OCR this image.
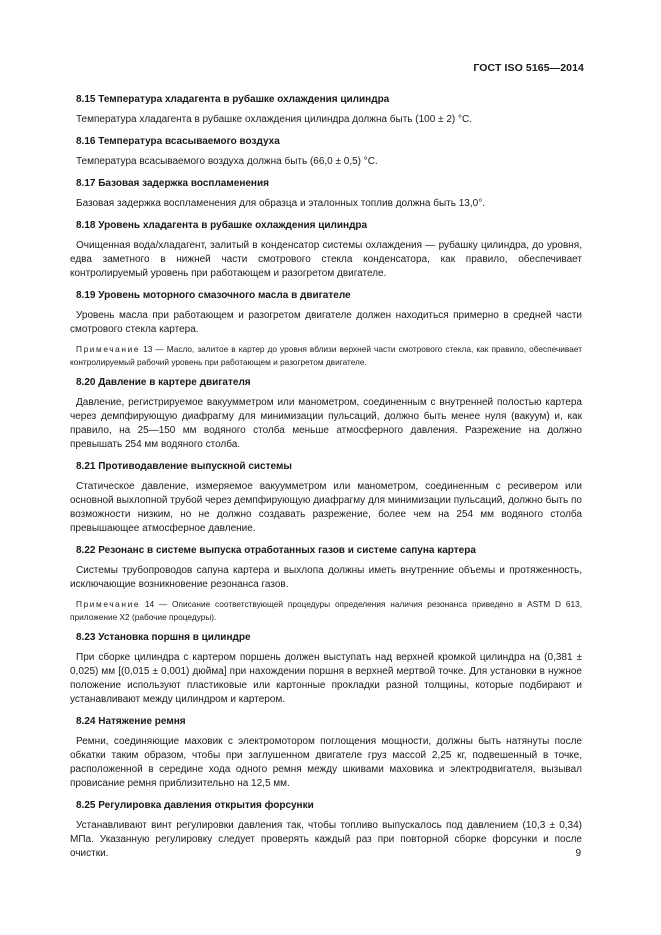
ГОСТ ISO 5165—2014
8.15 Температура хладагента в рубашке охлаждения цилиндра
Температура хладагента в рубашке охлаждения цилиндра должна быть (100 ± 2) °С.
8.16 Температура всасываемого воздуха
Температура всасываемого воздуха должна быть (66,0 ± 0,5) °С.
8.17 Базовая задержка воспламенения
Базовая задержка воспламенения для образца и эталонных топлив должна быть 13,0°.
8.18 Уровень хладагента в рубашке охлаждения цилиндра
Очищенная вода/хладагент, залитый в конденсатор системы охлаждения — рубашку цилиндра, до уровня, едва заметного в нижней части смотрового стекла конденсатора, как правило, обеспечивает контролируемый уровень при работающем и разогретом двигателе.
8.19 Уровень моторного смазочного масла в двигателе
Уровень масла при работающем и разогретом двигателе должен находиться примерно в средней части смотрового стекла картера.
Примечание 13 — Масло, залитое в картер до уровня вблизи верхней части смотрового стекла, как правило, обеспечивает контролируемый рабочий уровень при работающем и разогретом двигателе.
8.20 Давление в картере двигателя
Давление, регистрируемое вакуумметром или манометром, соединенным с внутренней полостью картера через демпфирующую диафрагму для минимизации пульсаций, должно быть менее нуля (вакуум) и, как правило, на 25—150 мм водяного столба меньше атмосферного давления. Разрежение на должно превышать 254 мм водяного столба.
8.21 Противодавление выпускной системы
Статическое давление, измеряемое вакуумметром или манометром, соединенным с ресивером или основной выхлопной трубой через демпфирующую диафрагму для минимизации пульсаций, должно быть по возможности низким, но не должно создавать разрежение, более чем на 254 мм водяного столба превышающее атмосферное давление.
8.22 Резонанс в системе выпуска отработанных газов и системе сапуна картера
Системы трубопроводов сапуна картера и выхлопа должны иметь внутренние объемы и протяженность, исключающие возникновение резонанса газов.
Примечание 14 — Описание соответствующей процедуры определения наличия резонанса приведено в ASTM D 613, приложение X2 (рабочие процедуры).
8.23 Установка поршня в цилиндре
При сборке цилиндра с картером поршень должен выступать над верхней кромкой цилиндра на (0,381 ± 0,025) мм [(0,015 ± 0,001) дюйма] при нахождении поршня в верхней мертвой точке. Для установки в нужное положение используют пластиковые или картонные прокладки разной толщины, которые подбирают и устанавливают между цилиндром и картером.
8.24 Натяжение ремня
Ремни, соединяющие маховик с электромотором поглощения мощности, должны быть натянуты после обкатки таким образом, чтобы при заглушенном двигателе груз массой 2,25 кг, подвешенный в точке, расположенной в середине хода одного ремня между шкивами маховика и электродвигателя, вызывал провисание ремня приблизительно на 12,5 мм.
8.25 Регулировка давления открытия форсунки
Устанавливают винт регулировки давления так, чтобы топливо выпускалось под давлением (10,3 ± 0,34) МПа. Указанную регулировку следует проверять каждый раз при повторной сборке форсунки и после очистки.	9
